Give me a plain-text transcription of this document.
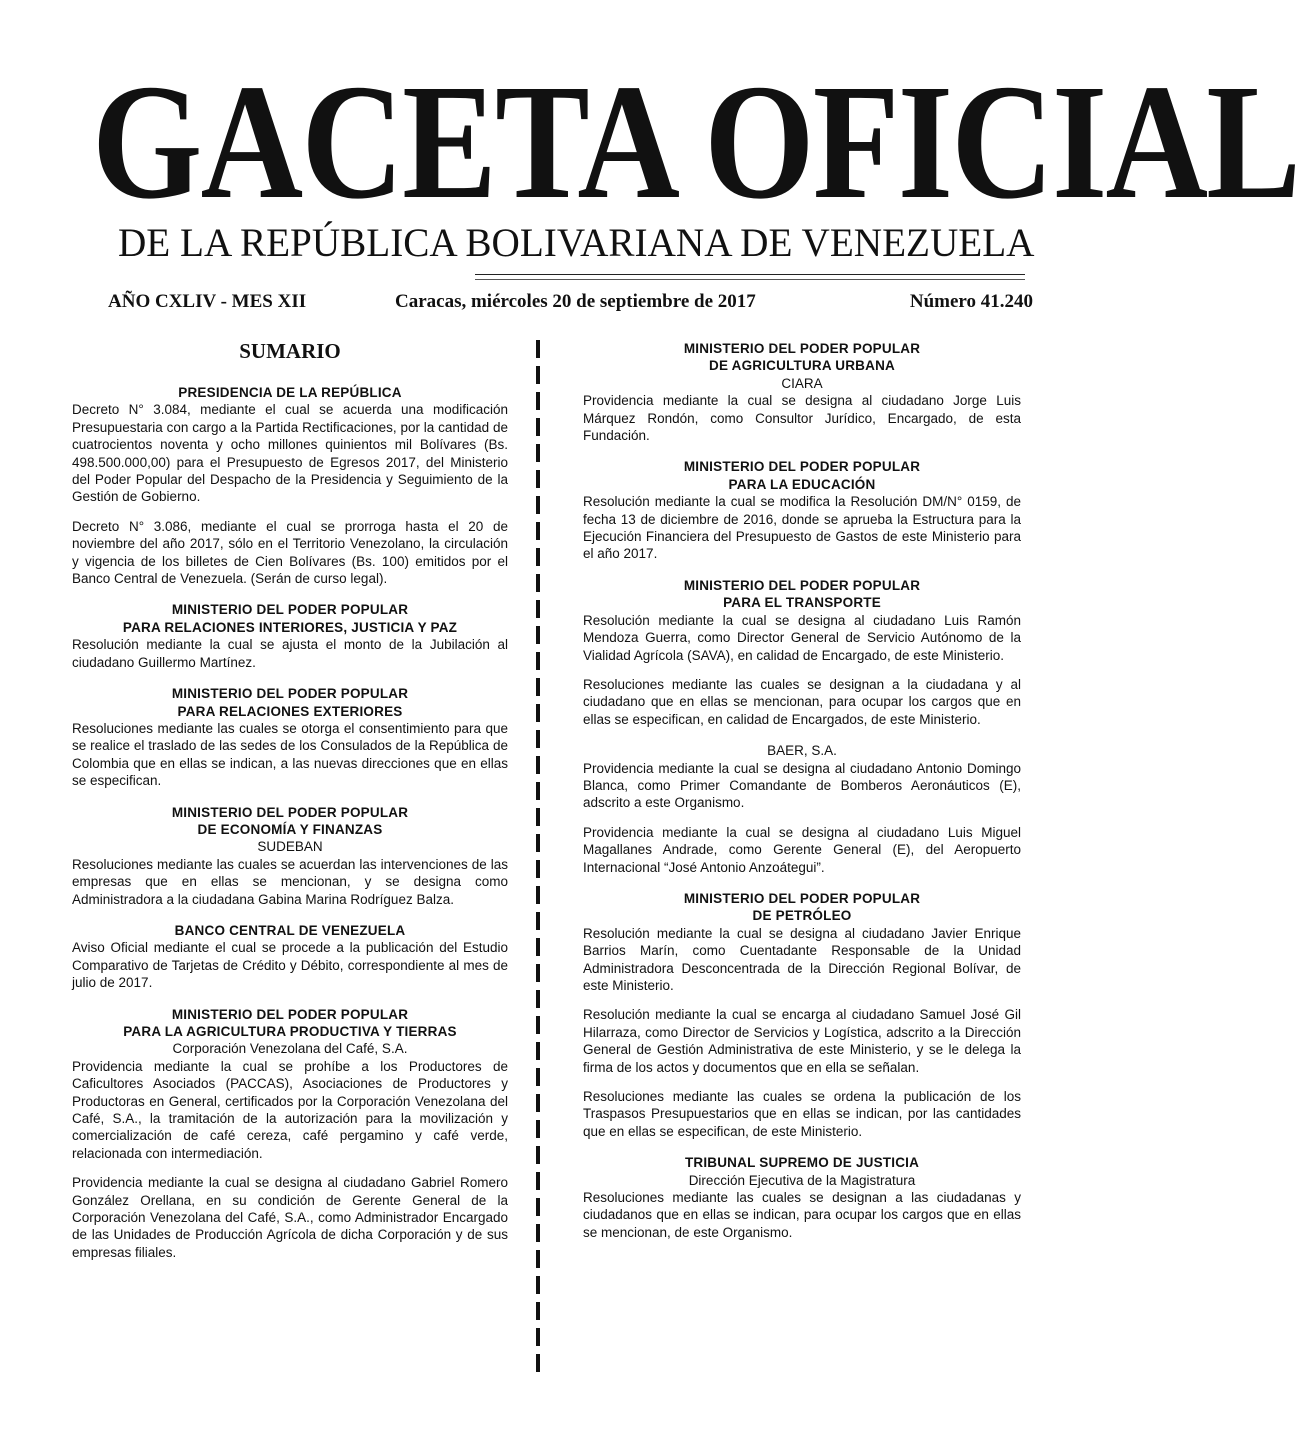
GACETA OFICIAL
DE LA REPÚBLICA BOLIVARIANA DE VENEZUELA
AÑO CXLIV - MES XII	Caracas, miércoles 20 de septiembre de 2017	Número 41.240
SUMARIO
PRESIDENCIA DE LA REPÚBLICA
Decreto N° 3.084, mediante el cual se acuerda una modificación Presupuestaria con cargo a la Partida Rectificaciones, por la cantidad de cuatrocientos noventa y ocho millones quinientos mil Bolívares (Bs. 498.500.000,00) para el Presupuesto de Egresos 2017, del Ministerio del Poder Popular del Despacho de la Presidencia y Seguimiento de la Gestión de Gobierno.
Decreto N° 3.086, mediante el cual se prorroga hasta el 20 de noviembre del año 2017, sólo en el Territorio Venezolano, la circulación y vigencia de los billetes de Cien Bolívares (Bs. 100) emitidos por el Banco Central de Venezuela. (Serán de curso legal).
MINISTERIO DEL PODER POPULAR
PARA RELACIONES INTERIORES, JUSTICIA Y PAZ
Resolución mediante la cual se ajusta el monto de la Jubilación al ciudadano Guillermo Martínez.
MINISTERIO DEL PODER POPULAR
PARA RELACIONES EXTERIORES
Resoluciones mediante las cuales se otorga el consentimiento para que se realice el traslado de las sedes de los Consulados de la República de Colombia que en ellas se indican, a las nuevas direcciones que en ellas se especifican.
MINISTERIO DEL PODER POPULAR
DE ECONOMÍA Y FINANZAS
SUDEBAN
Resoluciones mediante las cuales se acuerdan las intervenciones de las empresas que en ellas se mencionan, y se designa como Administradora a la ciudadana Gabina Marina Rodríguez Balza.
BANCO CENTRAL DE VENEZUELA
Aviso Oficial mediante el cual se procede a la publicación del Estudio Comparativo de Tarjetas de Crédito y Débito, correspondiente al mes de julio de 2017.
MINISTERIO DEL PODER POPULAR
PARA LA AGRICULTURA PRODUCTIVA Y TIERRAS
Corporación Venezolana del Café, S.A.
Providencia mediante la cual se prohíbe a los Productores de Caficultores Asociados (PACCAS), Asociaciones de Productores y Productoras en General, certificados por la Corporación Venezolana del Café, S.A., la tramitación de la autorización para la movilización y comercialización de café cereza, café pergamino y café verde, relacionada con intermediación.
Providencia mediante la cual se designa al ciudadano Gabriel Romero González Orellana, en su condición de Gerente General de la Corporación Venezolana del Café, S.A., como Administrador Encargado de las Unidades de Producción Agrícola de dicha Corporación y de sus empresas filiales.
MINISTERIO DEL PODER POPULAR
DE AGRICULTURA URBANA
CIARA
Providencia mediante la cual se designa al ciudadano Jorge Luis Márquez Rondón, como Consultor Jurídico, Encargado, de esta Fundación.
MINISTERIO DEL PODER POPULAR
PARA LA EDUCACIÓN
Resolución mediante la cual se modifica la Resolución DM/N° 0159, de fecha 13 de diciembre de 2016, donde se aprueba la Estructura para la Ejecución Financiera del Presupuesto de Gastos de este Ministerio para el año 2017.
MINISTERIO DEL PODER POPULAR
PARA EL TRANSPORTE
Resolución mediante la cual se designa al ciudadano Luis Ramón Mendoza Guerra, como Director General de Servicio Autónomo de la Vialidad Agrícola (SAVA), en calidad de Encargado, de este Ministerio.
Resoluciones mediante las cuales se designan a la ciudadana y al ciudadano que en ellas se mencionan, para ocupar los cargos que en ellas se especifican, en calidad de Encargados, de este Ministerio.
BAER, S.A.
Providencia mediante la cual se designa al ciudadano Antonio Domingo Blanca, como Primer Comandante de Bomberos Aeronáuticos (E), adscrito a este Organismo.
Providencia mediante la cual se designa al ciudadano Luis Miguel Magallanes Andrade, como Gerente General (E), del Aeropuerto Internacional “José Antonio Anzoátegui”.
MINISTERIO DEL PODER POPULAR
DE PETRÓLEO
Resolución mediante la cual se designa al ciudadano Javier Enrique Barrios Marín, como Cuentadante Responsable de la Unidad Administradora Desconcentrada de la Dirección Regional Bolívar, de este Ministerio.
Resolución mediante la cual se encarga al ciudadano Samuel José Gil Hilarraza, como Director de Servicios y Logística, adscrito a la Dirección General de Gestión Administrativa de este Ministerio, y se le delega la firma de los actos y documentos que en ella se señalan.
Resoluciones mediante las cuales se ordena la publicación de los Traspasos Presupuestarios que en ellas se indican, por las cantidades que en ellas se especifican, de este Ministerio.
TRIBUNAL SUPREMO DE JUSTICIA
Dirección Ejecutiva de la Magistratura
Resoluciones mediante las cuales se designan a las ciudadanas y ciudadanos que en ellas se indican, para ocupar los cargos que en ellas se mencionan, de este Organismo.
